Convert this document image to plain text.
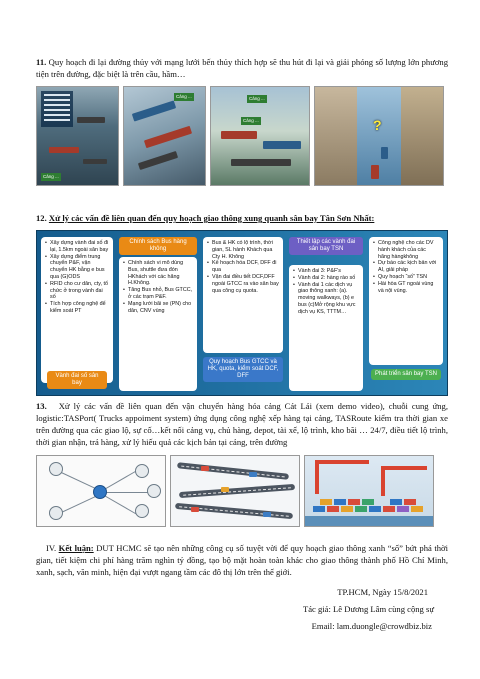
11. Quy hoạch đi lại đường thủy với mạng lưới bến thủy thích hợp sẽ thu hút đi lại và giải phóng số lượng lớn phương tiện trên đường, đặc biệt là trên cầu, hầm…
Cảng ...
Cảng ...	Cảng ...
Cảng ...	?
12. Xử lý các vấn đề liên quan đến quy hoạch giao thông xung quanh sân bay Tân Sơn Nhất:
• Xây dựng vành đai số đi lại, 1.5km ngoài sân bay
• Xây dựng điểm trung chuyển P&F, vận chuyển HK bằng e bus qua (G)ODS
• RFID cho cư dân, cty, tổ chức ở trong vành đai số
• Tích hợp công nghệ để kiểm soát PT
Vành đai số sân bay
Chính sách Bus hàng không
• Chính sách vi mô dùng Bus, shuttle đưa đón HKhách với các hãng H.Không.
• Tăng Bus nhỏ, Bus GTCC, ở các trạm P&F.
• Mạng lưới bãi xe (PN) cho dân, CNV vùng
• Bus & HK có lộ trình, thời gian, SL hành Khách qua Cty H. Không
• Kế hoạch hóa DCF, DFF đi qua
• Vận đai điều tiết DCF,DFF ngoài GTCC ra vào sân bay qua công cụ quota.
Quy hoạch Bus GTCC và HK, quota, kiểm soát DCF, DFF
Thiết lập các vành đai sân bay TSN
• Vành đai 3: P&F's
• Vành đai 2: hàng rào số
• Vành đai 1 các dịch vụ giao thông xanh: (a). moving walkways, (b) e bus (c)Mở rộng khu vực dịch vụ KS, TTTM…
• Công nghệ cho các DV hành khách của các hãng hàngkhông
• Dự báo các kịch bản với AI, giải pháp
• Quy hoạch “số” TSN
• Hài hòa GT ngoài vùng và nội vùng.
Phát triển sân bay TSN
13. Xử lý các vấn đề liên quan đến vận chuyển hàng hóa cảng Cát Lái (xem demo video), chuỗi cung ứng, logistic:TASPort( Trucks appoiment system) ứng dụng công nghệ xếp hàng tại cảng, TASRoute kiểm tra thời gian xe trên đường qua các giao lộ, sự cố…kết nối cảng vụ, chủ hàng, depot, tài xế, lộ trình, kho bãi … 24/7, điều tiết lộ trình, thời gian nhận, trả hàng, xử lý hiếu quả các kịch bản tại cảng, trên đường
IV. Kết luận: DUT HCMC sẽ tạo nên những công cụ số tuyệt vời để quy hoạch giao thông xanh “số” bứt phá thời gian, tiết kiệm chi phí hàng trăm nghìn tỷ đồng, tạo bộ mặt hoàn toàn khác cho giao thông thành phố Hồ Chí Minh, xanh, sạch, văn minh, hiện đại vượt ngang tầm các đô thị lớn trên thế giới.
TP.HCM, Ngày 15/8/2021
Tác giả: Lê Dương Lâm cùng cộng sự
Email: lam.duongle@crowdbiz.biz
